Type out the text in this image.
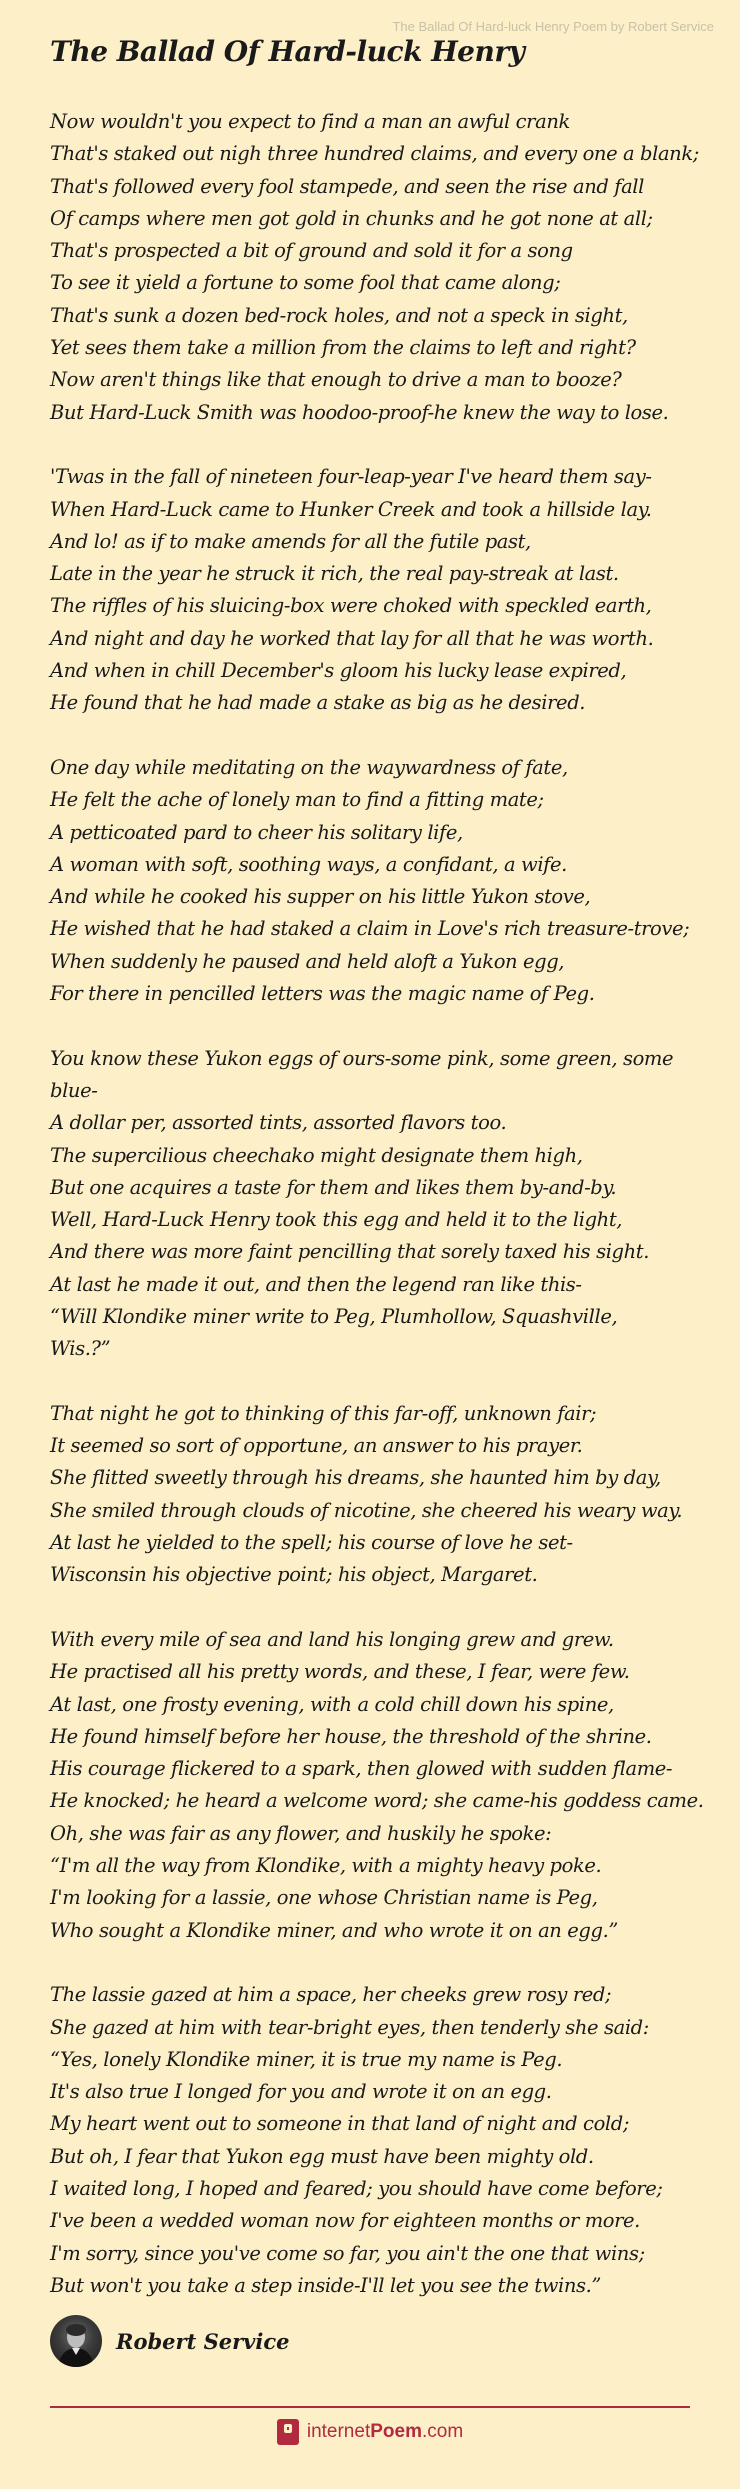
The Ballad Of Hard-luck Henry Poem by Robert Service
The Ballad Of Hard-luck Henry

Now wouldn't you expect to find a man an awful crank
That's staked out nigh three hundred claims, and every one a blank;
That's followed every fool stampede, and seen the rise and fall
Of camps where men got gold in chunks and he got none at all;
That's prospected a bit of ground and sold it for a song
To see it yield a fortune to some fool that came along;
That's sunk a dozen bed-rock holes, and not a speck in sight,
Yet sees them take a million from the claims to left and right?
Now aren't things like that enough to drive a man to booze?
But Hard-Luck Smith was hoodoo-proof-he knew the way to lose.

'Twas in the fall of nineteen four-leap-year I've heard them say-
When Hard-Luck came to Hunker Creek and took a hillside lay.
And lo! as if to make amends for all the futile past,
Late in the year he struck it rich, the real pay-streak at last.
The riffles of his sluicing-box were choked with speckled earth,
And night and day he worked that lay for all that he was worth.
And when in chill December's gloom his lucky lease expired,
He found that he had made a stake as big as he desired.

One day while meditating on the waywardness of fate,
He felt the ache of lonely man to find a fitting mate;
A petticoated pard to cheer his solitary life,
A woman with soft, soothing ways, a confidant, a wife.
And while he cooked his supper on his little Yukon stove,
He wished that he had staked a claim in Love's rich treasure-trove;
When suddenly he paused and held aloft a Yukon egg,
For there in pencilled letters was the magic name of Peg.

You know these Yukon eggs of ours-some pink, some green, some
blue-
A dollar per, assorted tints, assorted flavors too.
The supercilious cheechako might designate them high,
But one acquires a taste for them and likes them by-and-by.
Well, Hard-Luck Henry took this egg and held it to the light,
And there was more faint pencilling that sorely taxed his sight.
At last he made it out, and then the legend ran like this-
“Will Klondike miner write to Peg, Plumhollow, Squashville,
Wis.?”

That night he got to thinking of this far-off, unknown fair;
It seemed so sort of opportune, an answer to his prayer.
She flitted sweetly through his dreams, she haunted him by day,
She smiled through clouds of nicotine, she cheered his weary way.
At last he yielded to the spell; his course of love he set-
Wisconsin his objective point; his object, Margaret.

With every mile of sea and land his longing grew and grew.
He practised all his pretty words, and these, I fear, were few.
At last, one frosty evening, with a cold chill down his spine,
He found himself before her house, the threshold of the shrine.
His courage flickered to a spark, then glowed with sudden flame-
He knocked; he heard a welcome word; she came-his goddess came.
Oh, she was fair as any flower, and huskily he spoke:
“I'm all the way from Klondike, with a mighty heavy poke.
I'm looking for a lassie, one whose Christian name is Peg,
Who sought a Klondike miner, and who wrote it on an egg.”

The lassie gazed at him a space, her cheeks grew rosy red;
She gazed at him with tear-bright eyes, then tenderly she said:
“Yes, lonely Klondike miner, it is true my name is Peg.
It's also true I longed for you and wrote it on an egg.
My heart went out to someone in that land of night and cold;
But oh, I fear that Yukon egg must have been mighty old.
I waited long, I hoped and feared; you should have come before;
I've been a wedded woman now for eighteen months or more.
I'm sorry, since you've come so far, you ain't the one that wins;
But won't you take a step inside-I'll let you see the twins.”

Robert Service
internetPoem.com
